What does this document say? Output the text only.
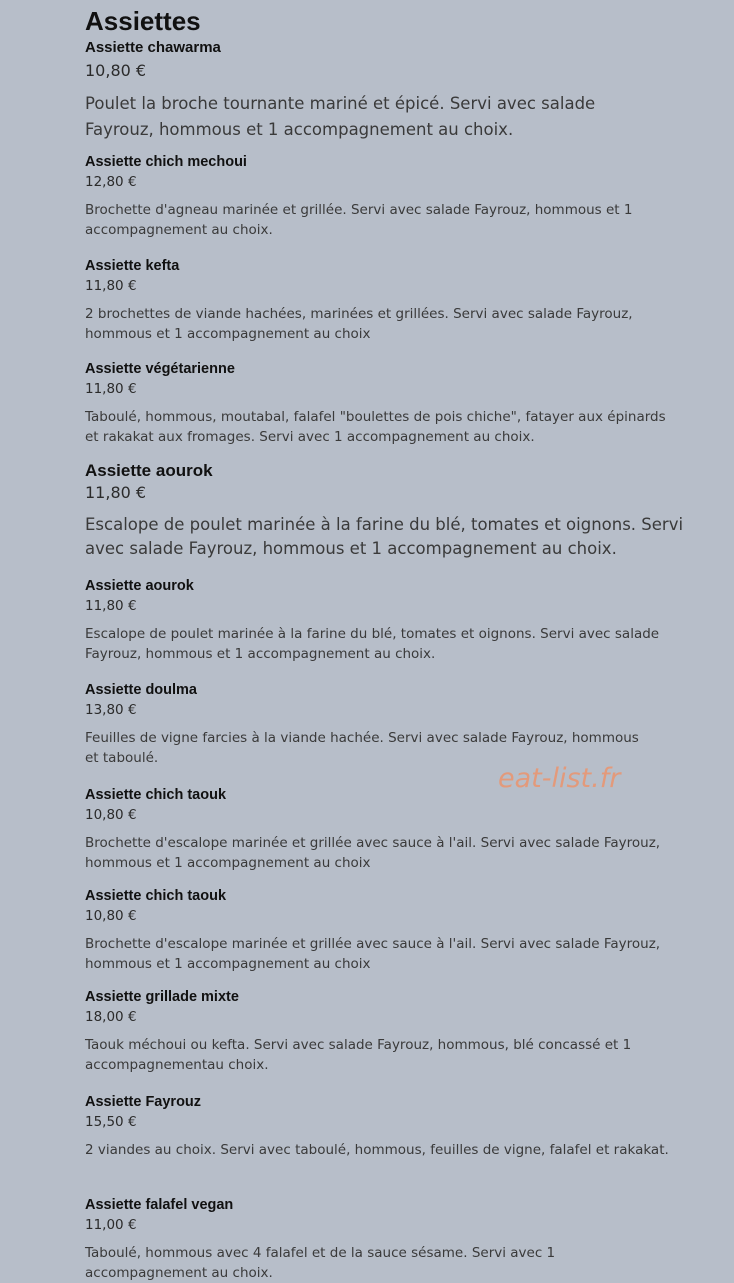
Assiettes
Assiette chawarma
10,80 €

Poulet la broche tournante mariné et épicé. Servi avec salade Fayrouz, hommous et 1 accompagnement au choix.

Assiette chich mechoui
12,80 €

Brochette d'agneau marinée et grillée. Servi avec salade Fayrouz, hommous et 1 accompagnement au choix.

Assiette kefta
11,80 €

2 brochettes de viande hachées, marinées et grillées. Servi avec salade Fayrouz, hommous et 1 accompagnement au choix

Assiette végétarienne
11,80 €

Taboulé, hommous, moutabal, falafel "boulettes de pois chiche", fatayer aux épinards et rakakat aux fromages. Servi avec 1 accompagnement au choix.

Assiette aourok
11,80 €

Escalope de poulet marinée à la farine du blé, tomates et oignons. Servi avec salade Fayrouz, hommous et 1 accompagnement au choix.

Assiette aourok
11,80 €

Escalope de poulet marinée à la farine du blé, tomates et oignons. Servi avec salade Fayrouz, hommous et 1 accompagnement au choix.

Assiette doulma
13,80 €

Feuilles de vigne farcies à la viande hachée. Servi avec salade Fayrouz, hommous et taboulé.

Assiette chich taouk
10,80 €

Brochette d'escalope marinée et grillée avec sauce à l'ail. Servi avec salade Fayrouz, hommous et 1 accompagnement au choix

Assiette chich taouk
10,80 €

Brochette d'escalope marinée et grillée avec sauce à l'ail. Servi avec salade Fayrouz, hommous et 1 accompagnement au choix

Assiette grillade mixte
18,00 €

Taouk méchoui ou kefta. Servi avec salade Fayrouz, hommous, blé concassé et 1 accompagnementau choix.

Assiette Fayrouz
15,50 €

2 viandes au choix. Servi avec taboulé, hommous, feuilles de vigne, falafel et rakakat.

Assiette falafel vegan
11,00 €

Taboulé, hommous avec 4 falafel et de la sauce sésame. Servi avec 1 accompagnement au choix.

eat-list.fr
